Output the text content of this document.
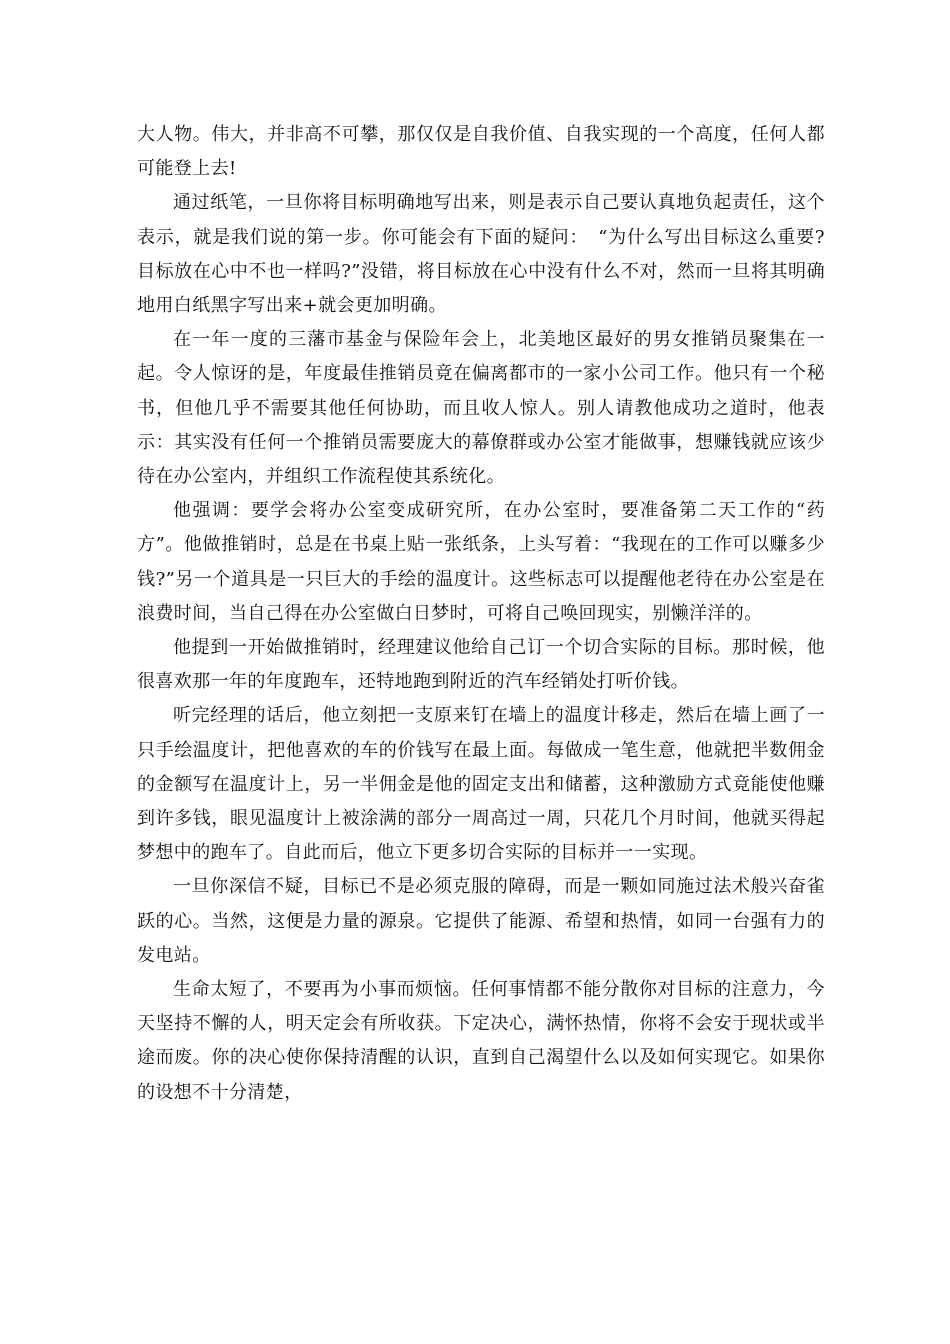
大人物。伟大，并非高不可攀，那仅仅是自我价值、自我实现的一个高度，任何人都可能登上去!

通过纸笔，一旦你将目标明确地写出来，则是表示自己要认真地负起责任，这个表示，就是我们说的第一步。你可能会有下面的疑问：　“为什么写出目标这么重要?目标放在心中不也一样吗?”没错，将目标放在心中没有什么不对，然而一旦将其明确地用白纸黑字写出来+就会更加明确。

在一年一度的三藩市基金与保险年会上，北美地区最好的男女推销员聚集在一起。令人惊讶的是，年度最佳推销员竟在偏离都市的一家小公司工作。他只有一个秘书，但他几乎不需要其他任何协助，而且收人惊人。别人请教他成功之道时，他表示：其实没有任何一个推销员需要庞大的幕僚群或办公室才能做事，想赚钱就应该少待在办公室内，并组织工作流程使其系统化。

他强调：要学会将办公室变成研究所，在办公室时，要准备第二天工作的“药方”。他做推销时，总是在书桌上贴一张纸条，上头写着：“我现在的工作可以赚多少钱?”另一个道具是一只巨大的手绘的温度计。这些标志可以提醒他老待在办公室是在浪费时间，当自己得在办公室做白日梦时，可将自己唤回现实，别懒洋洋的。

他提到一开始做推销时，经理建议他给自己订一个切合实际的目标。那时候，他很喜欢那一年的年度跑车，还特地跑到附近的汽车经销处打听价钱。

听完经理的话后，他立刻把一支原来钉在墙上的温度计移走，然后在墙上画了一只手绘温度计，把他喜欢的车的价钱写在最上面。每做成一笔生意，他就把半数佣金的金额写在温度计上，另一半佣金是他的固定支出和储蓄，这种激励方式竟能使他赚到许多钱，眼见温度计上被涂满的部分一周高过一周，只花几个月时间，他就买得起梦想中的跑车了。自此而后，他立下更多切合实际的目标并一一实现。

一旦你深信不疑，目标已不是必须克服的障碍，而是一颗如同施过法术般兴奋雀跃的心。当然，这便是力量的源泉。它提供了能源、希望和热情，如同一台强有力的发电站。

生命太短了，不要再为小事而烦恼。任何事情都不能分散你对目标的注意力，今天坚持不懈的人，明天定会有所收获。下定决心，满怀热情，你将不会安于现状或半途而废。你的决心使你保持清醒的认识，直到自己渴望什么以及如何实现它。如果你的设想不十分清楚，
